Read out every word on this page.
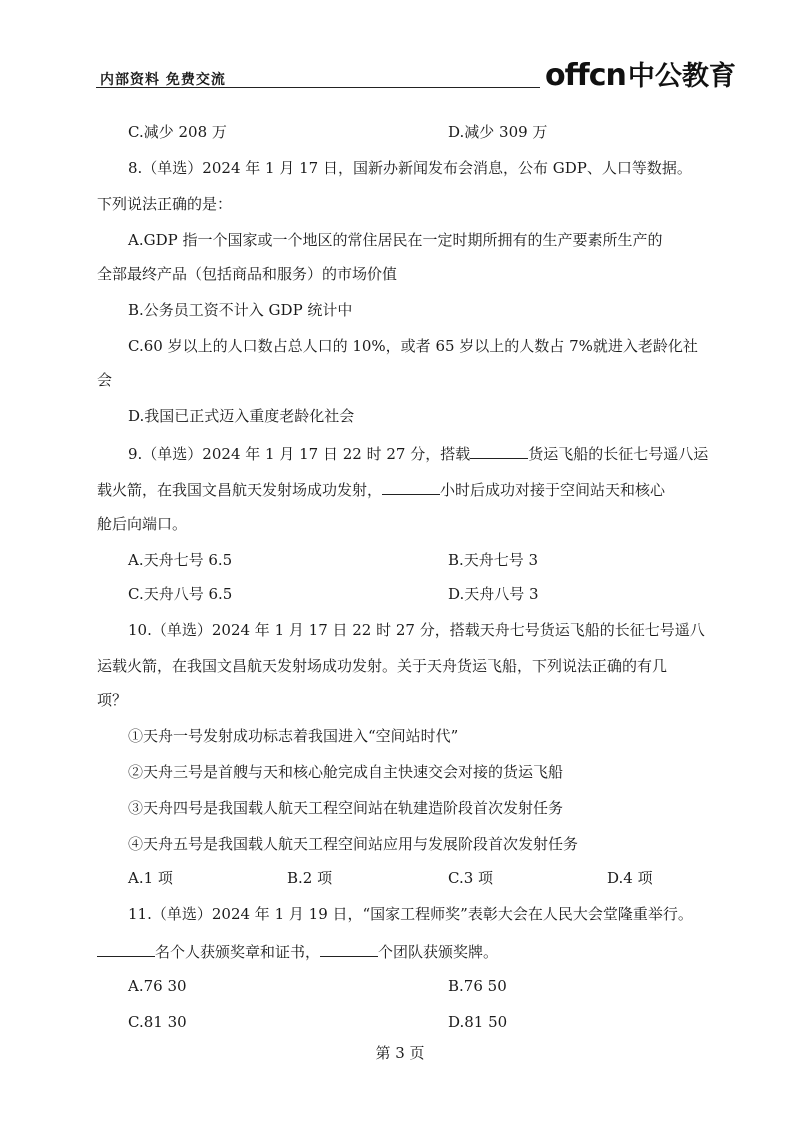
内部资料 免费交流	offcn 中公教育
C.减少 208 万	D.减少 309 万
8.（单选）2024 年 1 月 17 日，国新办新闻发布会消息，公布 GDP、人口等数据。
下列说法正确的是：
A.GDP 指一个国家或一个地区的常住居民在一定时期所拥有的生产要素所生产的
全部最终产品（包括商品和服务）的市场价值
B.公务员工资不计入 GDP 统计中
C.60 岁以上的人口数占总人口的 10%，或者 65 岁以上的人数占 7%就进入老龄化社
会
D.我国已正式迈入重度老龄化社会
9.（单选）2024 年 1 月 17 日 22 时 27 分，搭载	货运飞船的长征七号遥八运
载火箭，在我国文昌航天发射场成功发射，	小时后成功对接于空间站天和核心
舱后向端口。
A.天舟七号 6.5	B.天舟七号 3
C.天舟八号 6.5	D.天舟八号 3
10.（单选）2024 年 1 月 17 日 22 时 27 分，搭载天舟七号货运飞船的长征七号遥八
运载火箭，在我国文昌航天发射场成功发射。关于天舟货运飞船，下列说法正确的有几
项？
①天舟一号发射成功标志着我国进入“空间站时代”
②天舟三号是首艘与天和核心舱完成自主快速交会对接的货运飞船
③天舟四号是我国载人航天工程空间站在轨建造阶段首次发射任务
④天舟五号是我国载人航天工程空间站应用与发展阶段首次发射任务
A.1 项	B.2 项	C.3 项	D.4 项
11.（单选）2024 年 1 月 19 日，“国家工程师奖”表彰大会在人民大会堂隆重举行。
名个人获颁奖章和证书，	个团队获颁奖牌。
A.76 30	B.76 50
C.81 30	D.81 50
第 3 页
